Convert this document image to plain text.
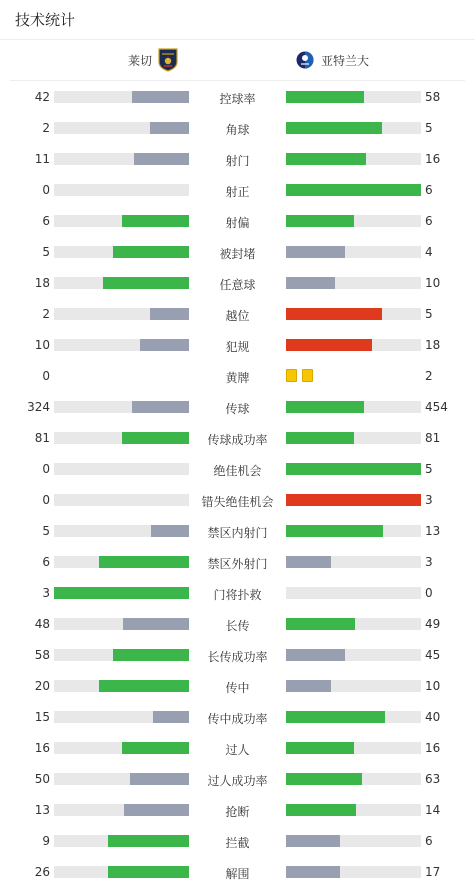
技术统计
莱切	亚特兰大
42	控球率	58
2	角球	5
11	射门	16
0	射正	6
6	射偏	6
5	被封堵	4
18	任意球	10
2	越位	5
10	犯规	18
0	黄牌	2
324	传球	454
81	传球成功率	81
0	绝佳机会	5
0	错失绝佳机会	3
5	禁区内射门	13
6	禁区外射门	3
3	门将扑救	0
48	长传	49
58	长传成功率	45
20	传中	10
15	传中成功率	40
16	过人	16
50	过人成功率	63
13	抢断	14
9	拦截	6
26	解围	17
